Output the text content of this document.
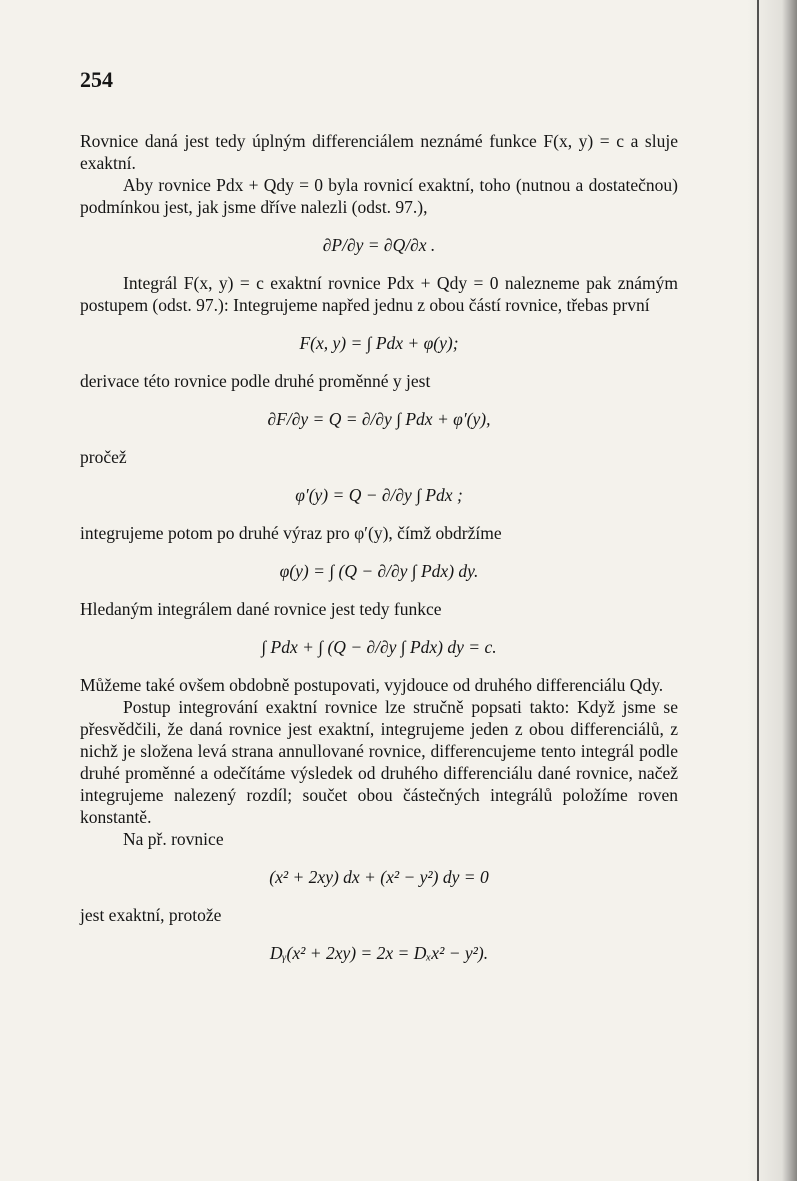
254

Rovnice daná jest tedy úplným differenciálem neznámé funkce F(x, y) = c a sluje exaktní.

Aby rovnice Pdx + Qdy = 0 byla rovnicí exaktní, toho (nutnou a dostatečnou) podmínkou jest, jak jsme dříve nalezli (odst. 97.),

∂P/∂y = ∂Q/∂x .

Integrál F(x, y) = c exaktní rovnice Pdx + Qdy = 0 nalezneme pak známým postupem (odst. 97.): Integrujeme napřed jednu z obou částí rovnice, třebas první

F(x, y) = ∫ Pdx + φ(y);

derivace této rovnice podle druhé proměnné y jest

∂F/∂y = Q = ∂/∂y ∫ Pdx + φ′(y),
pročež
φ′(y) = Q − ∂/∂y ∫ Pdx ;

integrujeme potom po druhé výraz pro φ′(y), čímž obdržíme

φ(y) = ∫ (Q − ∂/∂y ∫ Pdx) dy.

Hledaným integrálem dané rovnice jest tedy funkce

∫ Pdx + ∫ (Q − ∂/∂y ∫ Pdx) dy = c.

Můžeme také ovšem obdobně postupovati, vyjdouce od druhého differenciálu Qdy.

Postup integrování exaktní rovnice lze stručně popsati takto: Když jsme se přesvědčili, že daná rovnice jest exaktní, integrujeme jeden z obou differenciálů, z nichž je složena levá strana annullované rovnice, differencujeme tento integrál podle druhé proměnné a odečítáme výsledek od druhého differenciálu dané rovnice, načež integrujeme nalezený rozdíl; součet obou částečných integrálů položíme roven konstantě.

Na př. rovnice

(x² + 2xy) dx + (x² − y²) dy = 0

jest exaktní, protože

Dᵧ(x² + 2xy) = 2x = Dₓx² − y²).
